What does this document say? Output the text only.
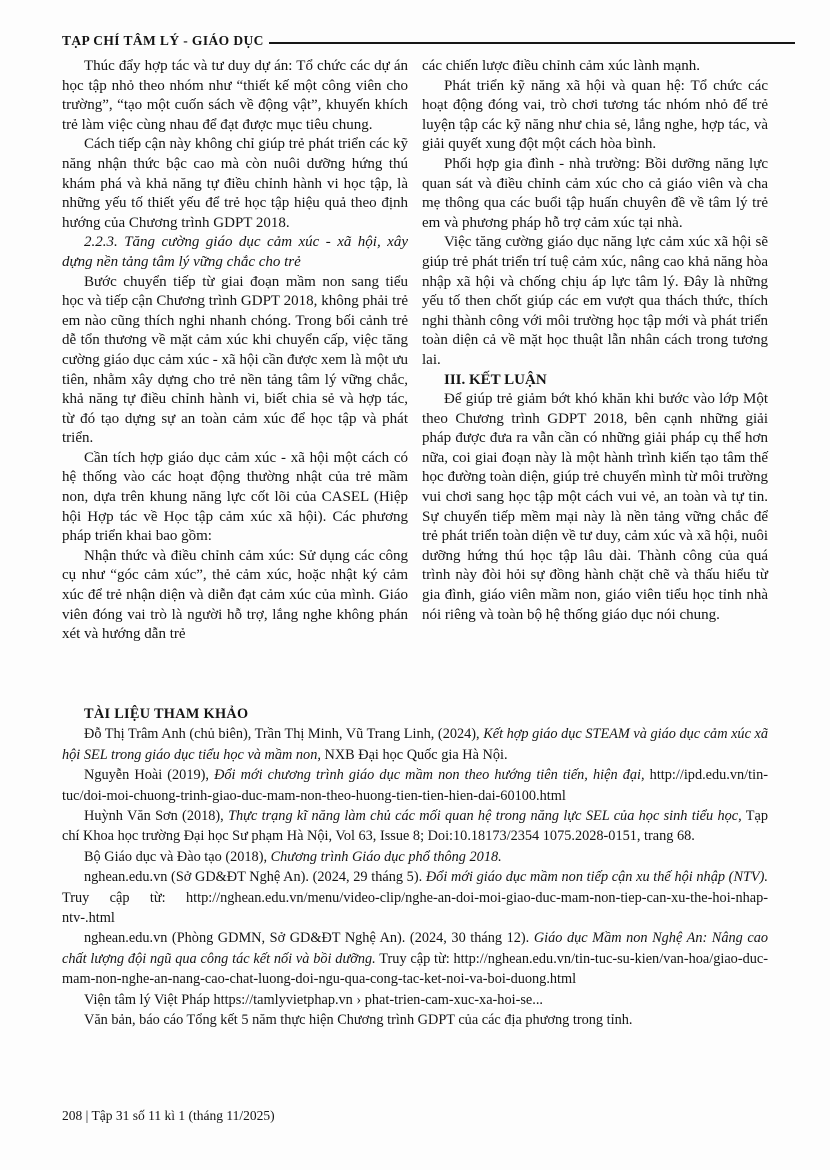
TẠP CHÍ TÂM LÝ - GIÁO DỤC

Thúc đẩy hợp tác và tư duy dự án: Tổ chức các dự án học tập nhỏ theo nhóm như “thiết kế một công viên cho trường”, “tạo một cuốn sách về động vật”, khuyến khích trẻ làm việc cùng nhau để đạt được mục tiêu chung.

Cách tiếp cận này không chỉ giúp trẻ phát triển các kỹ năng nhận thức bậc cao mà còn nuôi dưỡng hứng thú khám phá và khả năng tự điều chỉnh hành vi học tập, là những yếu tố thiết yếu để trẻ học tập hiệu quả theo định hướng của Chương trình GDPT 2018.

2.2.3. Tăng cường giáo dục cảm xúc - xã hội, xây dựng nền tảng tâm lý vững chắc cho trẻ

Bước chuyển tiếp từ giai đoạn mầm non sang tiểu học và tiếp cận Chương trình GDPT 2018, không phải trẻ em nào cũng thích nghi nhanh chóng. Trong bối cảnh trẻ dễ tổn thương về mặt cảm xúc khi chuyển cấp, việc tăng cường giáo dục cảm xúc - xã hội cần được xem là một ưu tiên, nhằm xây dựng cho trẻ nền tảng tâm lý vững chắc, khả năng tự điều chỉnh hành vi, biết chia sẻ và hợp tác, từ đó tạo dựng sự an toàn cảm xúc để học tập và phát triển.

Cần tích hợp giáo dục cảm xúc - xã hội một cách có hệ thống vào các hoạt động thường nhật của trẻ mầm non, dựa trên khung năng lực cốt lõi của CASEL (Hiệp hội Hợp tác về Học tập cảm xúc xã hội). Các phương pháp triển khai bao gồm:

Nhận thức và điều chỉnh cảm xúc: Sử dụng các công cụ như “góc cảm xúc”, thẻ cảm xúc, hoặc nhật ký cảm xúc để trẻ nhận diện và diễn đạt cảm xúc của mình. Giáo viên đóng vai trò là người hỗ trợ, lắng nghe không phán xét và hướng dẫn trẻ

các chiến lược điều chỉnh cảm xúc lành mạnh.

Phát triển kỹ năng xã hội và quan hệ: Tổ chức các hoạt động đóng vai, trò chơi tương tác nhóm nhỏ để trẻ luyện tập các kỹ năng như chia sẻ, lắng nghe, hợp tác, và giải quyết xung đột một cách hòa bình.

Phối hợp gia đình - nhà trường: Bồi dưỡng năng lực quan sát và điều chỉnh cảm xúc cho cả giáo viên và cha mẹ thông qua các buổi tập huấn chuyên đề về tâm lý trẻ em và phương pháp hỗ trợ cảm xúc tại nhà.

Việc tăng cường giáo dục năng lực cảm xúc xã hội sẽ giúp trẻ phát triển trí tuệ cảm xúc, nâng cao khả năng hòa nhập xã hội và chống chịu áp lực tâm lý. Đây là những yếu tố then chốt giúp các em vượt qua thách thức, thích nghi thành công với môi trường học tập mới và phát triển toàn diện cả về mặt học thuật lẫn nhân cách trong tương lai.

III. KẾT LUẬN

Để giúp trẻ giảm bớt khó khăn khi bước vào lớp Một theo Chương trình GDPT 2018, bên cạnh những giải pháp được đưa ra vẫn cần có những giải pháp cụ thể hơn nữa, coi giai đoạn này là một hành trình kiến tạo tâm thế học đường toàn diện, giúp trẻ chuyển mình từ môi trường vui chơi sang học tập một cách vui vẻ, an toàn và tự tin. Sự chuyển tiếp mềm mại này là nền tảng vững chắc để trẻ phát triển toàn diện về tư duy, cảm xúc và xã hội, nuôi dưỡng hứng thú học tập lâu dài. Thành công của quá trình này đòi hỏi sự đồng hành chặt chẽ và thấu hiểu từ gia đình, giáo viên mầm non, giáo viên tiểu học tỉnh nhà nói riêng và toàn bộ hệ thống giáo dục nói chung.

TÀI LIỆU THAM KHẢO

Đỗ Thị Trâm Anh (chủ biên), Trần Thị Minh, Vũ Trang Linh, (2024), Kết hợp giáo dục STEAM và giáo dục cảm xúc xã hội SEL trong giáo dục tiểu học và mầm non, NXB Đại học Quốc gia Hà Nội.

Nguyễn Hoài (2019), Đổi mới chương trình giáo dục mầm non theo hướng tiên tiến, hiện đại, http://ipd.edu.vn/tin-tuc/doi-moi-chuong-trinh-giao-duc-mam-non-theo-huong-tien-tien-hien-dai-60100.html

Huỳnh Văn Sơn (2018), Thực trạng kĩ năng làm chủ các mối quan hệ trong năng lực SEL của học sinh tiểu học, Tạp chí Khoa học trường Đại học Sư phạm Hà Nội, Vol 63, Issue 8; Doi:10.18173/2354 1075.2028-0151, trang 68.

Bộ Giáo dục và Đào tạo (2018), Chương trình Giáo dục phổ thông 2018.

nghean.edu.vn (Sở GD&ĐT Nghệ An). (2024, 29 tháng 5). Đổi mới giáo dục mầm non tiếp cận xu thế hội nhập (NTV). Truy cập từ: http://nghean.edu.vn/menu/video-clip/nghe-an-doi-moi-giao-duc-mam-non-tiep-can-xu-the-hoi-nhap-ntv-.html

nghean.edu.vn (Phòng GDMN, Sở GD&ĐT Nghệ An). (2024, 30 tháng 12). Giáo dục Mầm non Nghệ An: Nâng cao chất lượng đội ngũ qua công tác kết nối và bồi dưỡng. Truy cập từ: http://nghean.edu.vn/tin-tuc-su-kien/van-hoa/giao-duc-mam-non-nghe-an-nang-cao-chat-luong-doi-ngu-qua-cong-tac-ket-noi-va-boi-duong.html

Viện tâm lý Việt Pháp https://tamlyvietphap.vn › phat-trien-cam-xuc-xa-hoi-se...

Văn bản, báo cáo Tổng kết 5 năm thực hiện Chương trình GDPT của các địa phương trong tỉnh.

208 | Tập 31 số 11 kì 1 (tháng 11/2025)
